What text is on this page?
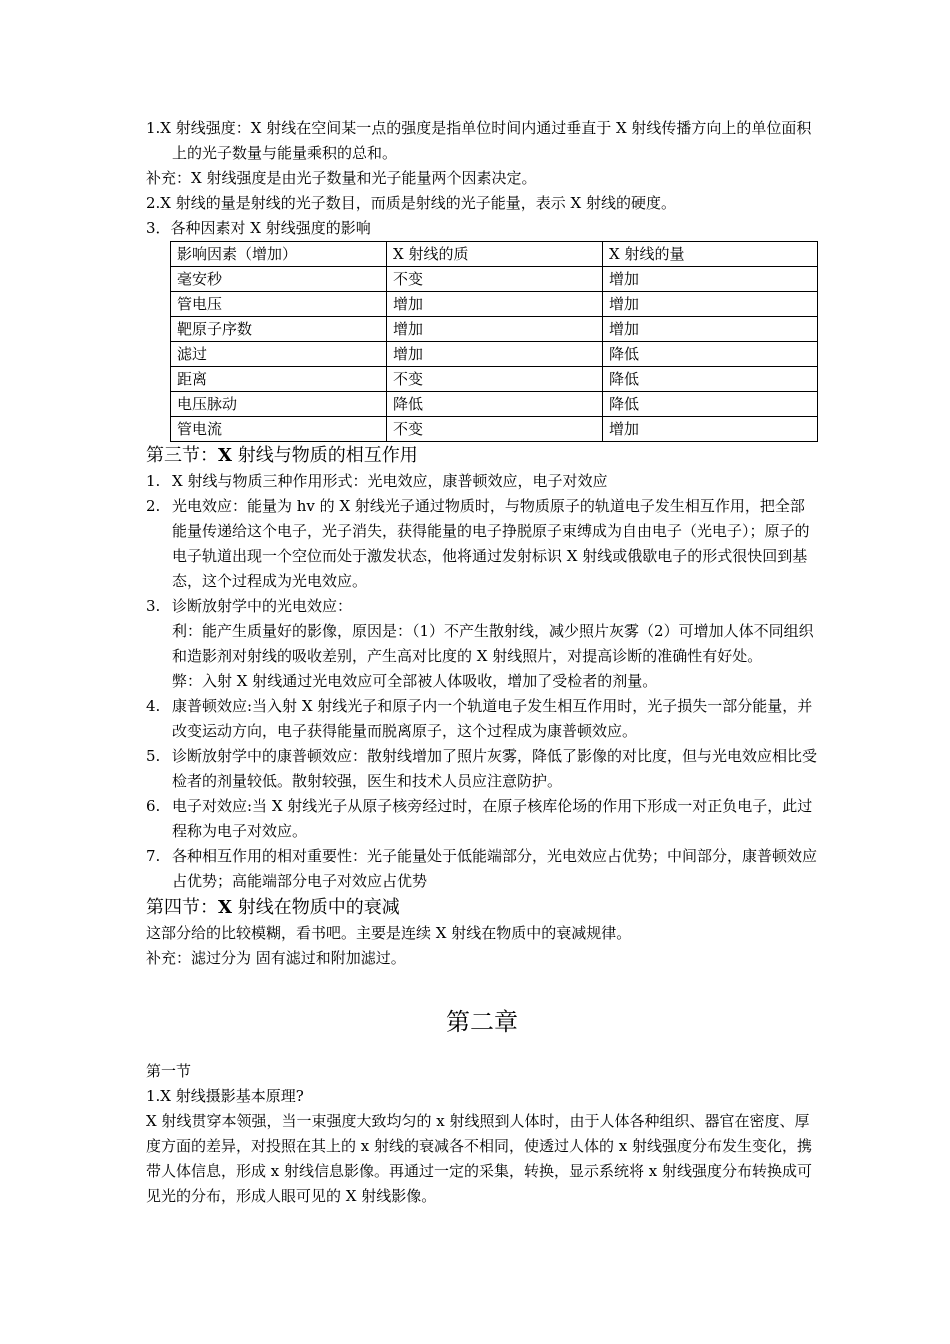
1.X 射线强度：X 射线在空间某一点的强度是指单位时间内通过垂直于 X 射线传播方向上的单位面积上的光子数量与能量乘积的总和。

补充：X 射线强度是由光子数量和光子能量两个因素决定。

2.X 射线的量是射线的光子数目，而质是射线的光子能量，表示 X 射线的硬度。

3．各种因素对 X 射线强度的影响

影响因素（增加）	X 射线的质	X 射线的量
毫安秒	不变	增加
管电压	增加	增加
靶原子序数	增加	增加
滤过	增加	降低
距离	不变	降低
电压脉动	降低	降低
管电流	不变	增加

第三节：X 射线与物质的相互作用

1. X 射线与物质三种作用形式：光电效应，康普顿效应，电子对效应
2. 光电效应：能量为 hv 的 X 射线光子通过物质时，与物质原子的轨道电子发生相互作用，把全部能量传递给这个电子，光子消失，获得能量的电子挣脱原子束缚成为自由电子（光电子）；原子的电子轨道出现一个空位而处于激发状态，他将通过发射标识 X 射线或俄歇电子的形式很快回到基态，这个过程成为光电效应。
3. 诊断放射学中的光电效应：

利：能产生质量好的影像，原因是：（1）不产生散射线，减少照片灰雾（2）可增加人体不同组织和造影剂对射线的吸收差别，产生高对比度的 X 射线照片，对提高诊断的准确性有好处。

弊：入射 X 射线通过光电效应可全部被人体吸收，增加了受检者的剂量。

4. 康普顿效应:当入射 X 射线光子和原子内一个轨道电子发生相互作用时，光子损失一部分能量，并改变运动方向，电子获得能量而脱离原子，这个过程成为康普顿效应。
5. 诊断放射学中的康普顿效应：散射线增加了照片灰雾，降低了影像的对比度，但与光电效应相比受检者的剂量较低。散射较强，医生和技术人员应注意防护。
6. 电子对效应:当 X 射线光子从原子核旁经过时，在原子核库伦场的作用下形成一对正负电子，此过程称为电子对效应。
7. 各种相互作用的相对重要性：光子能量处于低能端部分，光电效应占优势；中间部分，康普顿效应占优势；高能端部分电子对效应占优势

第四节：X 射线在物质中的衰减

这部分给的比较模糊，看书吧。主要是连续 X 射线在物质中的衰减规律。

补充：滤过分为 固有滤过和附加滤过。

第二章

第一节

1.X 射线摄影基本原理?

X 射线贯穿本领强，当一束强度大致均匀的 x 射线照到人体时，由于人体各种组织、器官在密度、厚度方面的差异，对投照在其上的 x 射线的衰减各不相同，使透过人体的 x 射线强度分布发生变化，携带人体信息，形成 x 射线信息影像。再通过一定的采集，转换，显示系统将 x 射线强度分布转换成可见光的分布，形成人眼可见的 X 射线影像。
